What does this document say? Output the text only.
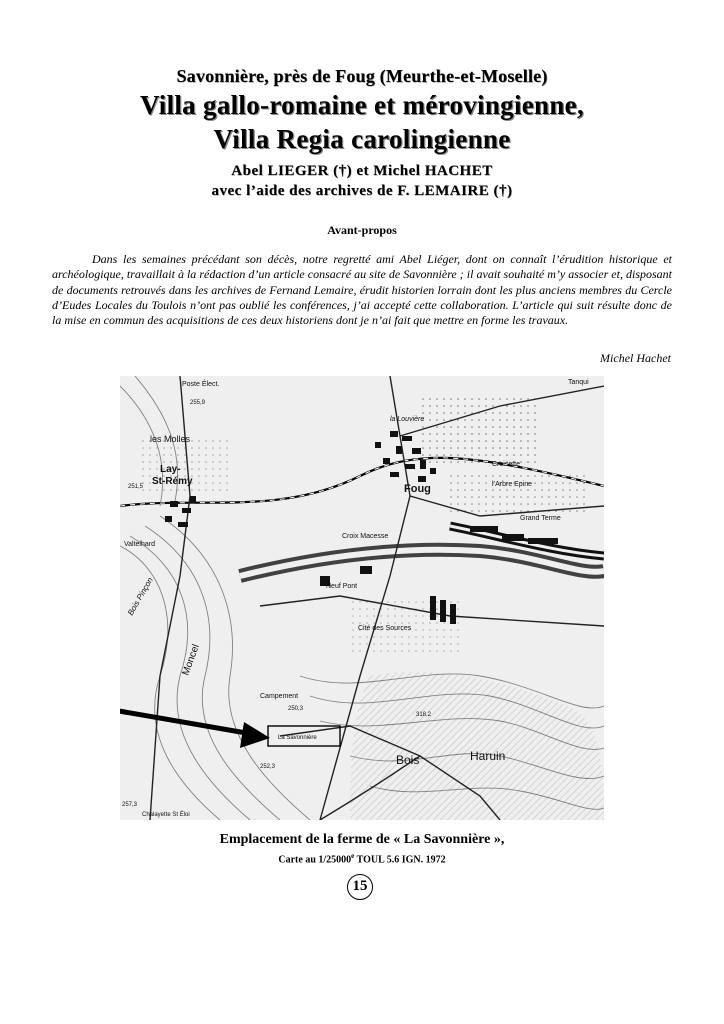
Savonnière, près de Foug (Meurthe-et-Moselle)
Villa gallo-romaine et mérovingienne,
Villa Regia carolingienne
Abel LIEGER (†) et Michel HACHET
avec l’aide des archives de F. LEMAIRE (†)
Avant-propos
Dans les semaines précédant son décès, notre regretté ami Abel Liéger, dont on connaît l’érudition historique et archéologique, travaillait à la rédaction d’un article consacré au site de Savonnière ; il avait souhaité m’y associer et, disposant de documents retrouvés dans les archives de Fernand Lemaire, érudit historien lorrain dont les plus anciens membres du Cercle d’Eudes Locales du Toulois n’ont pas oublié les conférences, j’ai accepté cette collaboration. L’article qui suit résulte donc de la mise en commun des acquisitions de ces deux historiens dont je n’ai fait que mettre en forme les travaux.
Michel Hachet
Poste Élect.
la Louvière
Tanqui
les Molles
Lay-
St-Rémy
Foug
Croisette
l’Arbre Epine
Grand Terme
Valtelhard
Croix Macesse
Neuf Pont
Bois Pinçon
Cité des Sources
Moncel
Campement
La Savonnière
Bois	Haruin
Chalayette St Éloi
251,5
255,9
257,3
252,3
250,3
318,2
Emplacement de la ferme de « La Savonnière »,
Carte au 1/25000e TOUL 5.6 IGN. 1972
15
